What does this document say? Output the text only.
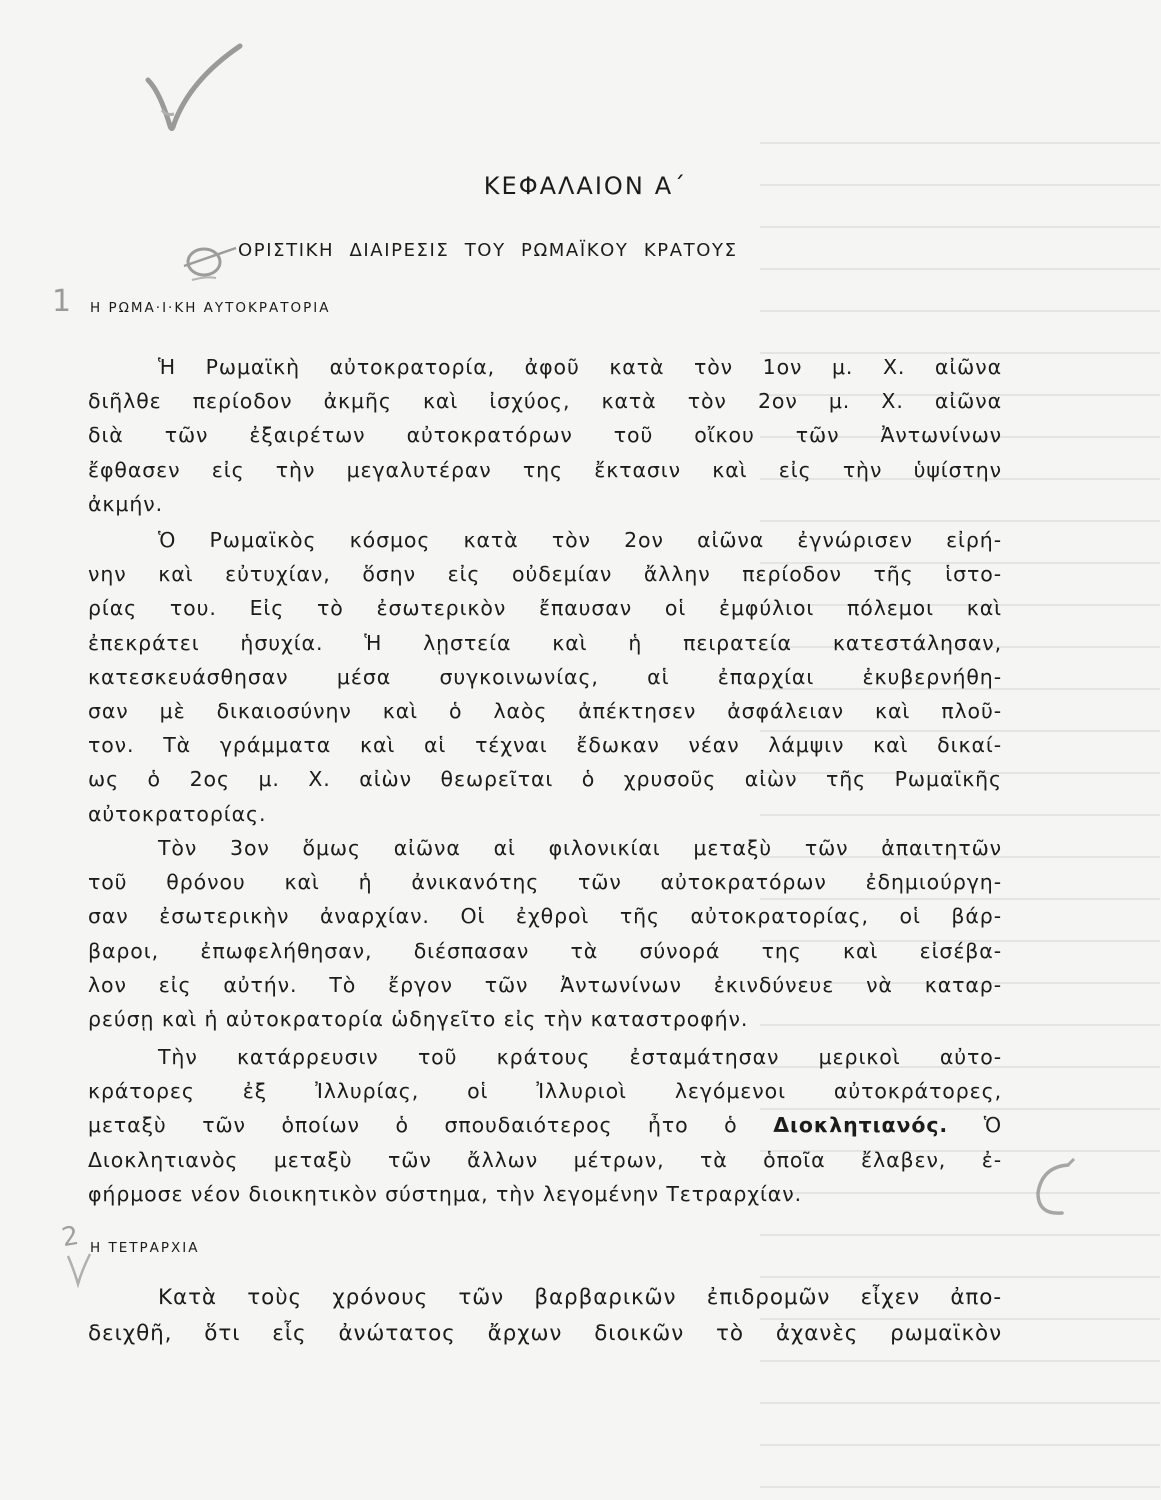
1
2
ΚΕΦΑΛΑΙΟΝ Α΄
ΟΡΙΣΤΙΚΗ ΔΙΑΙΡΕΣΙΣ ΤΟΥ ΡΩΜΑΪΚΟΥ ΚΡΑΤΟΥΣ
Η ΡΩΜΑ·Ι·ΚΗ ΑΥΤΟΚΡΑΤΟΡΙΑ
Ἡ Ρωμαϊκὴ αὐτοκρατορία, ἀφοῦ κατὰ τὸν 1ον μ. Χ. αἰῶνα
διῆλθε περίοδον ἀκμῆς καὶ ἰσχύος, κατὰ τὸν 2ον μ. Χ. αἰῶνα
διὰ τῶν ἐξαιρέτων αὐτοκρατόρων τοῦ οἴκου τῶν Ἀντωνίνων
ἔφθασεν εἰς τὴν μεγαλυτέραν της ἔκτασιν καὶ εἰς τὴν ὑψίστην
ἀκμήν.
Ὁ Ρωμαϊκὸς κόσμος κατὰ τὸν 2ον αἰῶνα ἐγνώρισεν εἰρή-
νην καὶ εὐτυχίαν, ὅσην εἰς οὐδεμίαν ἄλλην περίοδον τῆς ἱστο-
ρίας του. Εἰς τὸ ἐσωτερικὸν ἔπαυσαν οἱ ἐμφύλιοι πόλεμοι καὶ
ἐπεκράτει ἡσυχία. Ἡ λῃστεία καὶ ἡ πειρατεία κατεστάλησαν,
κατεσκευάσθησαν μέσα συγκοινωνίας, αἱ ἐπαρχίαι ἐκυβερνήθη-
σαν μὲ δικαιοσύνην καὶ ὁ λαὸς ἀπέκτησεν ἀσφάλειαν καὶ πλοῦ-
τον. Τὰ γράμματα καὶ αἱ τέχναι ἔδωκαν νέαν λάμψιν καὶ δικαί-
ως ὁ 2ος μ. Χ. αἰὼν θεωρεῖται ὁ χρυσοῦς αἰὼν τῆς Ρωμαϊκῆς
αὐτοκρατορίας.
Τὸν 3ον ὅμως αἰῶνα αἱ φιλονικίαι μεταξὺ τῶν ἀπαιτητῶν
τοῦ θρόνου καὶ ἡ ἀνικανότης τῶν αὐτοκρατόρων ἐδημιούργη-
σαν ἐσωτερικὴν ἀναρχίαν. Οἱ ἐχθροὶ τῆς αὐτοκρατορίας, οἱ βάρ-
βαροι, ἐπωφελήθησαν, διέσπασαν τὰ σύνορά της καὶ εἰσέβα-
λον εἰς αὐτήν. Τὸ ἔργον τῶν Ἀντωνίνων ἐκινδύνευε νὰ καταρ-
ρεύσῃ καὶ ἡ αὐτοκρατορία ὡδηγεῖτο εἰς τὴν καταστροφήν.
Τὴν κατάρρευσιν τοῦ κράτους ἐσταμάτησαν μερικοὶ αὐτο-
κράτορες ἐξ Ἰλλυρίας, οἱ Ἰλλυριοὶ λεγόμενοι αὐτοκράτορες,
μεταξὺ τῶν ὁποίων ὁ σπουδαιότερος ἦτο ὁ Διοκλητιανός. Ὁ
Διοκλητιανὸς μεταξὺ τῶν ἄλλων μέτρων, τὰ ὁποῖα ἔλαβεν, ἐ-
φήρμοσε νέον διοικητικὸν σύστημα, τὴν λεγομένην Τετραρχίαν.
Η ΤΕΤΡΑΡΧΙΑ
Κατὰ τοὺς χρόνους τῶν βαρβαρικῶν ἐπιδρομῶν εἶχεν ἀπο-
δειχθῆ, ὅτι εἷς ἀνώτατος ἄρχων διοικῶν τὸ ἀχανὲς ρωμαϊκὸν
